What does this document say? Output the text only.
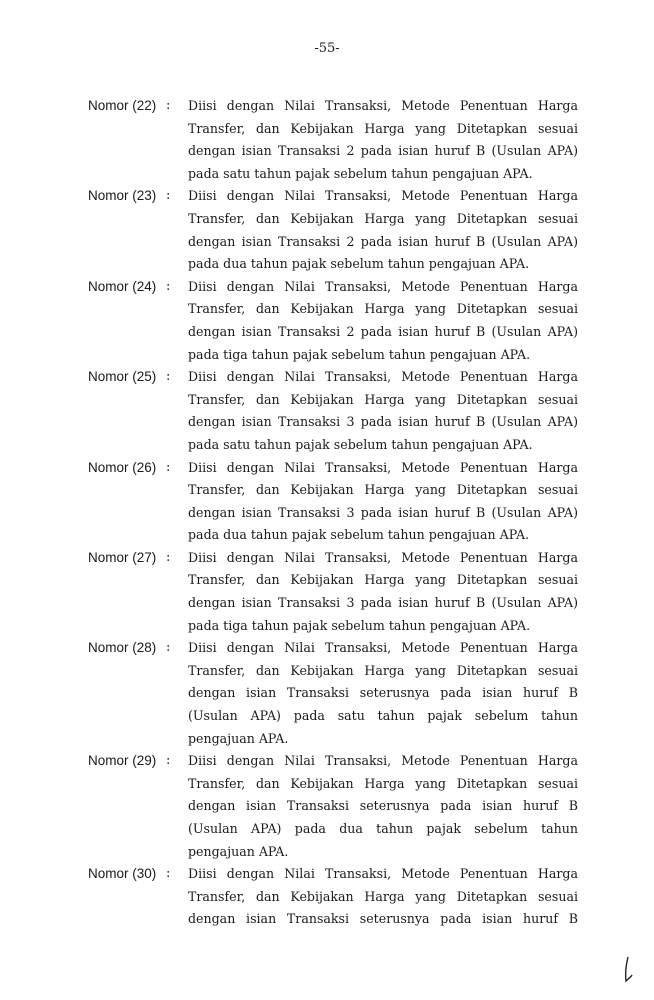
-55-
Nomor (22) : Diisi dengan Nilai Transaksi, Metode Penentuan Harga
Transfer, dan Kebijakan Harga yang Ditetapkan sesuai
dengan isian Transaksi 2 pada isian huruf B (Usulan APA)
pada satu tahun pajak sebelum tahun pengajuan APA.
Nomor (23) : Diisi dengan Nilai Transaksi, Metode Penentuan Harga
Transfer, dan Kebijakan Harga yang Ditetapkan sesuai
dengan isian Transaksi 2 pada isian huruf B (Usulan APA)
pada dua tahun pajak sebelum tahun pengajuan APA.
Nomor (24) : Diisi dengan Nilai Transaksi, Metode Penentuan Harga
Transfer, dan Kebijakan Harga yang Ditetapkan sesuai
dengan isian Transaksi 2 pada isian huruf B (Usulan APA)
pada tiga tahun pajak sebelum tahun pengajuan APA.
Nomor (25) : Diisi dengan Nilai Transaksi, Metode Penentuan Harga
Transfer, dan Kebijakan Harga yang Ditetapkan sesuai
dengan isian Transaksi 3 pada isian huruf B (Usulan APA)
pada satu tahun pajak sebelum tahun pengajuan APA.
Nomor (26) : Diisi dengan Nilai Transaksi, Metode Penentuan Harga
Transfer, dan Kebijakan Harga yang Ditetapkan sesuai
dengan isian Transaksi 3 pada isian huruf B (Usulan APA)
pada dua tahun pajak sebelum tahun pengajuan APA.
Nomor (27) : Diisi dengan Nilai Transaksi, Metode Penentuan Harga
Transfer, dan Kebijakan Harga yang Ditetapkan sesuai
dengan isian Transaksi 3 pada isian huruf B (Usulan APA)
pada tiga tahun pajak sebelum tahun pengajuan APA.
Nomor (28) : Diisi dengan Nilai Transaksi, Metode Penentuan Harga
Transfer, dan Kebijakan Harga yang Ditetapkan sesuai
dengan isian Transaksi seterusnya pada isian huruf B
(Usulan APA) pada satu tahun pajak sebelum tahun
pengajuan APA.
Nomor (29) : Diisi dengan Nilai Transaksi, Metode Penentuan Harga
Transfer, dan Kebijakan Harga yang Ditetapkan sesuai
dengan isian Transaksi seterusnya pada isian huruf B
(Usulan APA) pada dua tahun pajak sebelum tahun
pengajuan APA.
Nomor (30) : Diisi dengan Nilai Transaksi, Metode Penentuan Harga
Transfer, dan Kebijakan Harga yang Ditetapkan sesuai
dengan isian Transaksi seterusnya pada isian huruf B
